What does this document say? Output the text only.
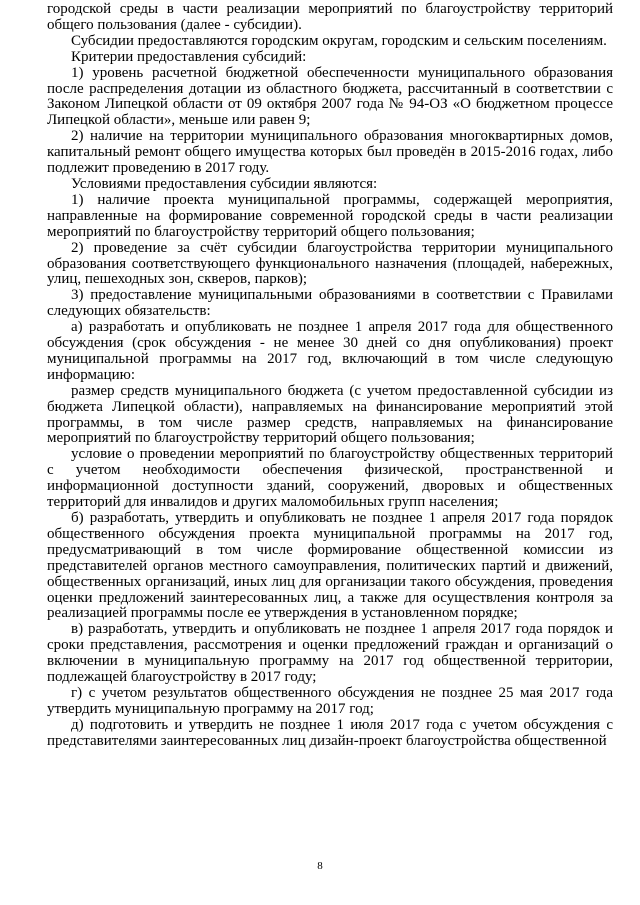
городской среды в части реализации мероприятий по благоустройству территорий общего пользования (далее - субсидии).

Субсидии предоставляются городским округам, городским и сельским поселениям.

Критерии предоставления субсидий:

1) уровень расчетной бюджетной обеспеченности муниципального образования после распределения дотации из областного бюджета, рассчитанный в соответствии с Законом Липецкой области от 09 октября 2007 года № 94-ОЗ «О бюджетном процессе Липецкой области», меньше или равен 9;

2) наличие на территории муниципального образования многоквартирных домов, капитальный ремонт общего имущества которых был проведён в 2015-2016 годах, либо подлежит проведению в 2017 году.

Условиями предоставления субсидии являются:

1) наличие проекта муниципальной программы, содержащей мероприятия, направленные на формирование современной городской среды в части реализации мероприятий по благоустройству территорий общего пользования;

2) проведение за счёт субсидии благоустройства территории муниципального образования соответствующего функционального назначения (площадей, набережных, улиц, пешеходных зон, скверов, парков);

3) предоставление муниципальными образованиями в соответствии с Правилами следующих обязательств:

а) разработать и опубликовать не позднее 1 апреля 2017 года для общественного обсуждения (срок обсуждения - не менее 30 дней со дня опубликования) проект муниципальной программы на 2017 год, включающий в том числе следующую информацию:

размер средств муниципального бюджета (с учетом предоставленной субсидии из бюджета Липецкой области), направляемых на финансирование мероприятий этой программы, в том числе размер средств, направляемых на финансирование мероприятий по благоустройству территорий общего пользования;

условие о проведении мероприятий по благоустройству общественных территорий с учетом необходимости обеспечения физической, пространственной и информационной доступности зданий, сооружений, дворовых и общественных территорий для инвалидов и других маломобильных групп населения;

б) разработать, утвердить и опубликовать не позднее 1 апреля 2017 года порядок общественного обсуждения проекта муниципальной программы на 2017 год, предусматривающий в том числе формирование общественной комиссии из представителей органов местного самоуправления, политических партий и движений, общественных организаций, иных лиц для организации такого обсуждения, проведения оценки предложений заинтересованных лиц, а также для осуществления контроля за реализацией программы после ее утверждения в установленном порядке;

в) разработать, утвердить и опубликовать не позднее 1 апреля 2017 года порядок и сроки представления, рассмотрения и оценки предложений граждан и организаций о включении в муниципальную программу на 2017 год общественной территории, подлежащей благоустройству в 2017 году;

г) с учетом результатов общественного обсуждения не позднее 25 мая 2017 года утвердить муниципальную программу на 2017 год;

д) подготовить и утвердить не позднее 1 июля 2017 года с учетом обсуждения с представителями заинтересованных лиц дизайн-проект благоустройства общественной

8
